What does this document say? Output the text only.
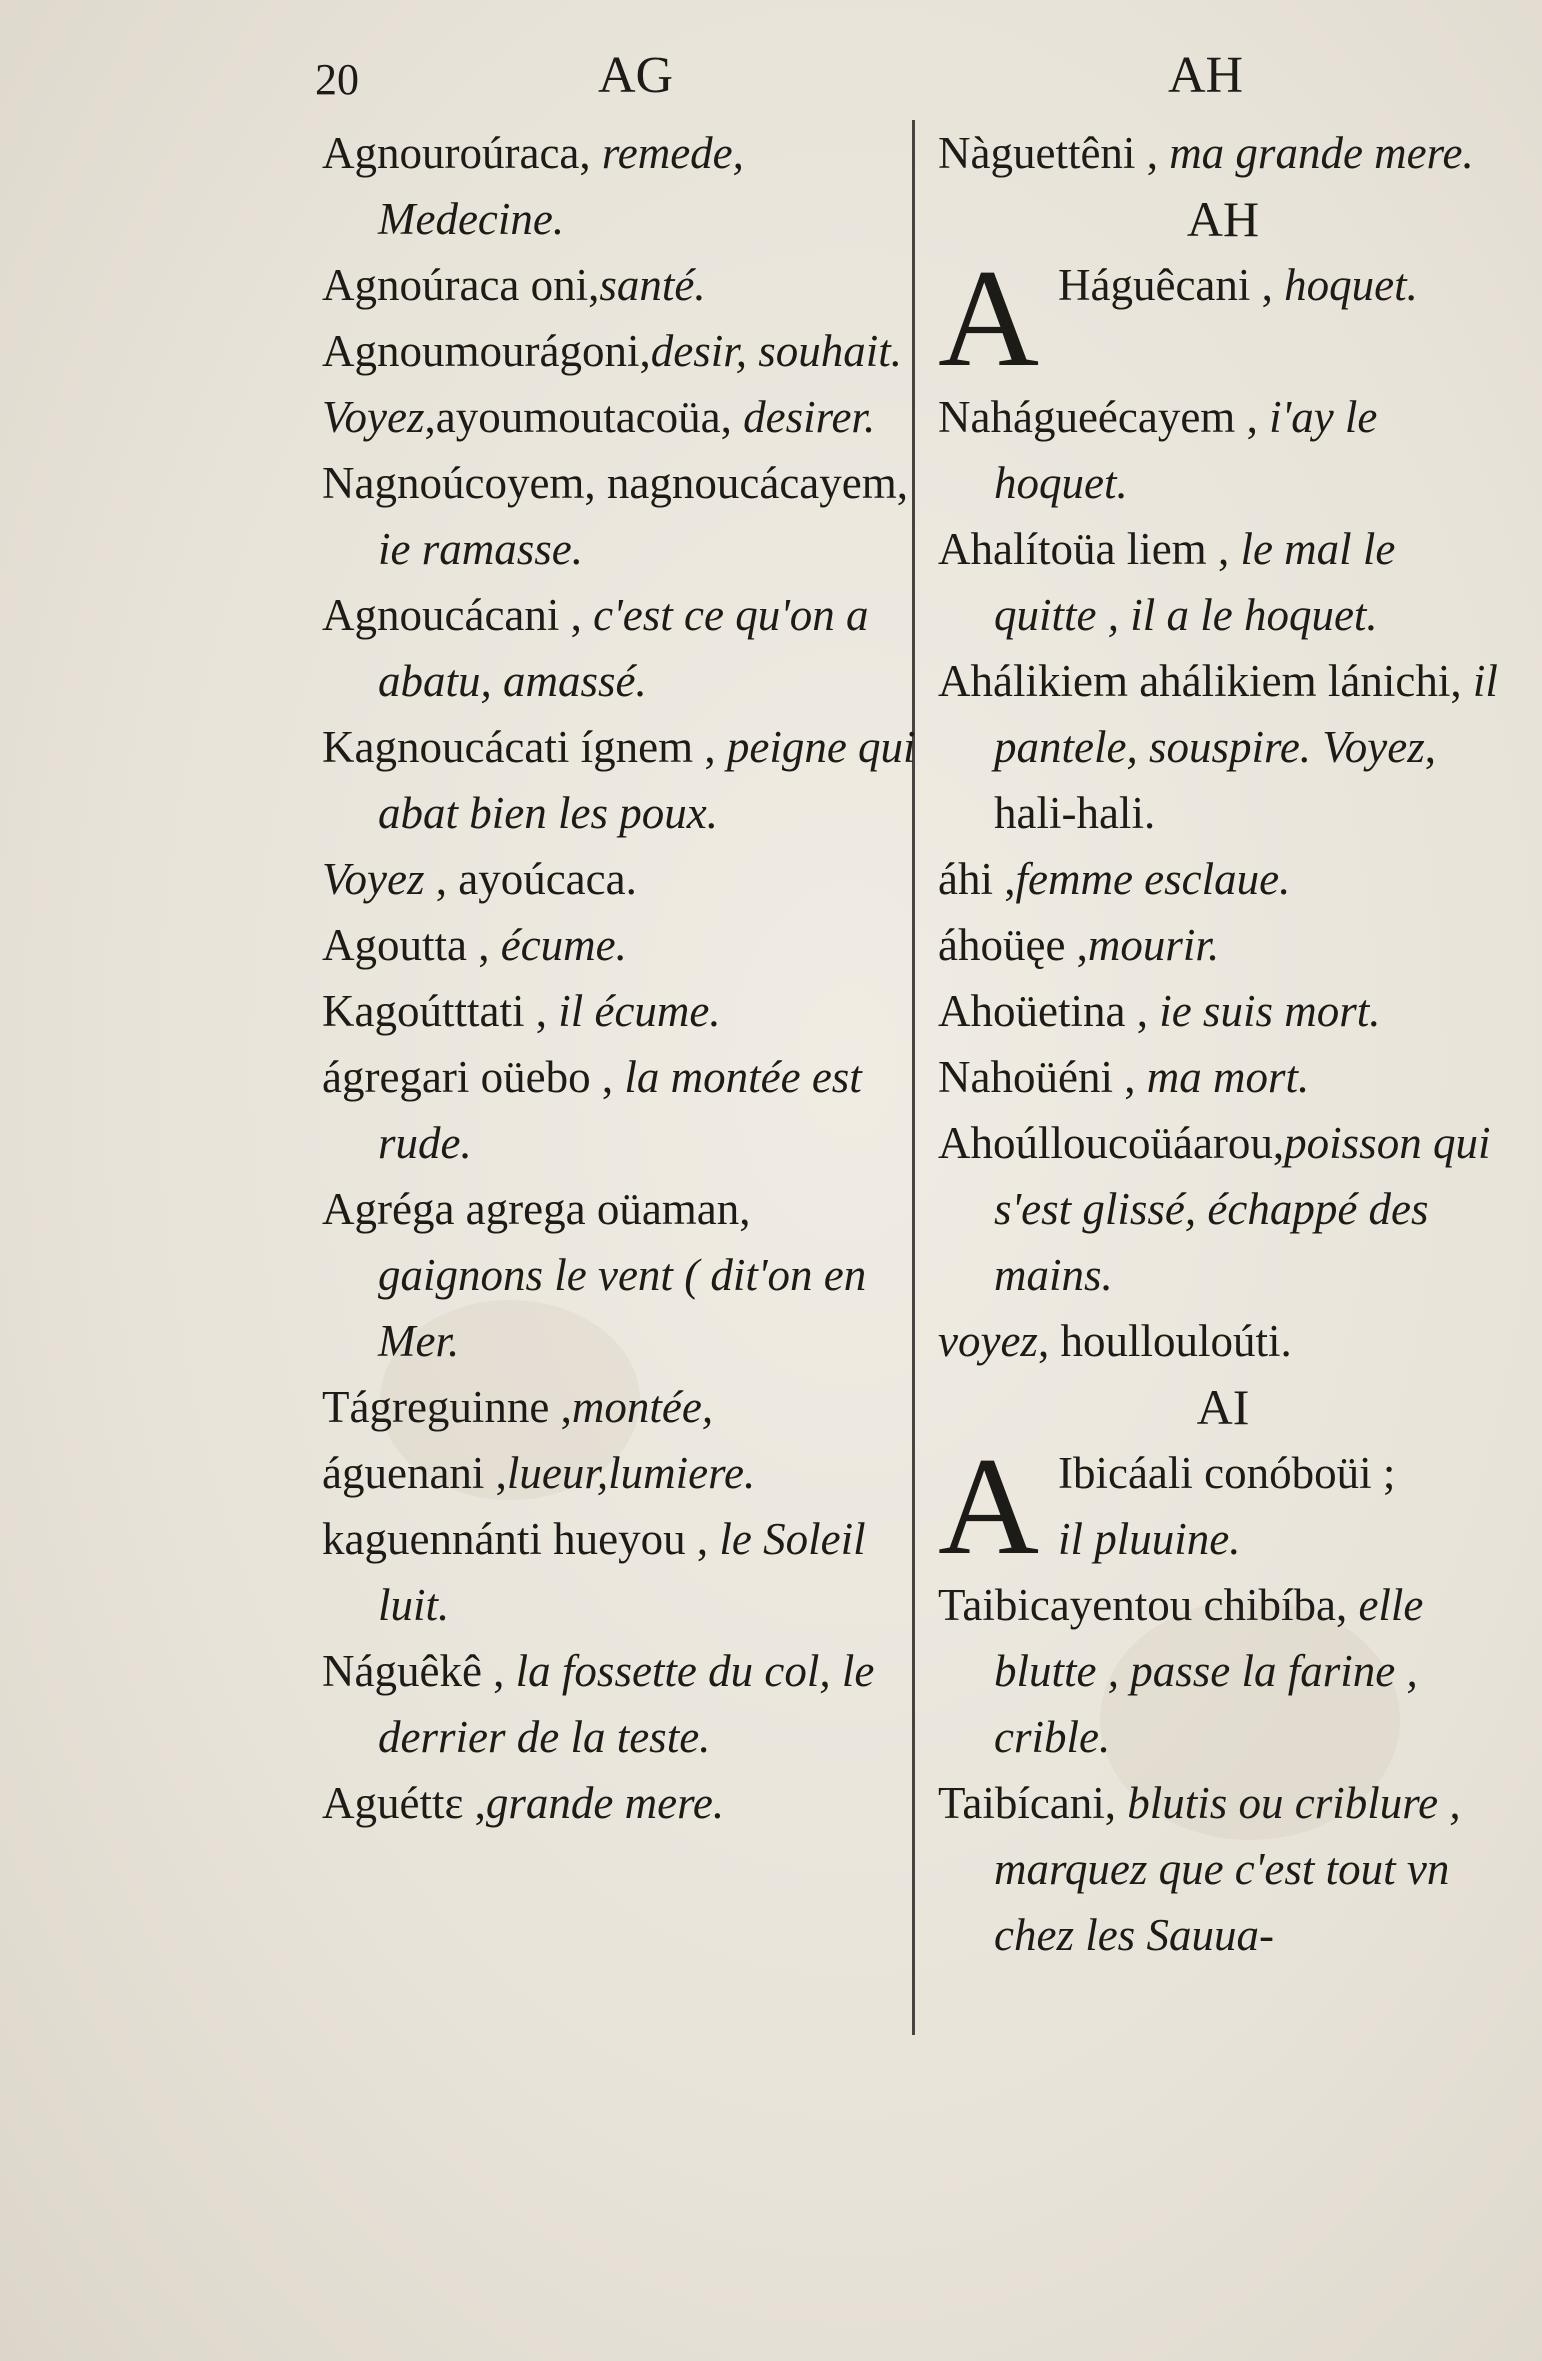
20	AG	AH
Agnouroúraca, remede, Medecine.
Agnoúraca oni,santé.
Agnoumourágoni,desir, souhait.
Voyez,ayoumoutacoüa, desirer.
Nagnoúcoyem, nagnoucácayem, ie ramasse.
Agnoucácani , c'est ce qu'on a abatu, amassé.
Kagnoucácati ígnem , peigne qui abat bien les poux.
Voyez , ayoúcaca.
Agoutta , écume.
Kagoútttati , il écume.
ágregari oüebo , la montée est rude.
Agréga agrega oüaman, gaignons le vent ( dit'on en Mer.
Tágreguinne ,montée,
águenani ,lueur,lumiere.
kaguennánti hueyou , le Soleil luit.
Náguêkê , la fossette du col, le derrier de la teste.
Aguéttε ,grande mere.
Nàguettêni , ma grande mere.
AH
A Háguêcani , hoquet.
Nahágueécayem , i'ay le hoquet.
Ahalítoüa liem , le mal le quitte , il a le hoquet.
Ahálikiem ahálikiem lánichi, il pantele, souspire. Voyez, hali-hali.
áhi ,femme esclaue.
áhoüęe ,mourir.
Ahoüetina , ie suis mort.
Nahoüéni , ma mort.
Ahoúlloucoüáarou,poisson qui s'est glissé, échappé des mains.
voyez, houllouloúti.
AI
A Ibicáali conóboüi ;
il pluuine.
Taibicayentou chibíba, elle blutte , passe la farine , crible.
Taibícani, blutis ou criblure , marquez que c'est tout vn chez les Sauua-
